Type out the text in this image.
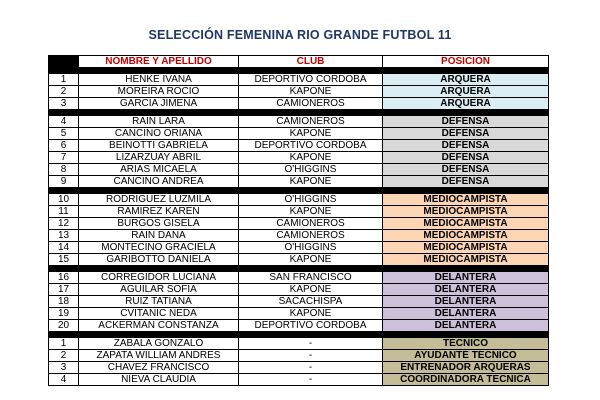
SELECCIÓN FEMENINA RIO GRANDE FUTBOL 11
	NOMBRE Y APELLIDO	CLUB	POSICION

1	HENKE IVANA	DEPORTIVO CORDOBA	ARQUERA
2	MOREIRA ROCIO	KAPONE	ARQUERA
3	GARCIA JIMENA	CAMIONEROS	ARQUERA

4	RAIN LARA	CAMIONEROS	DEFENSA
5	CANCINO ORIANA	KAPONE	DEFENSA
6	BEINOTTI GABRIELA	DEPORTIVO CORDOBA	DEFENSA
7	LIZARZUAY ABRIL	KAPONE	DEFENSA
8	ARIAS MICAELA	O'HIGGINS	DEFENSA
9	CANCINO ANDREA	KAPONE	DEFENSA

10	RODRIGUEZ LUZMILA	O'HIGGINS	MEDIOCAMPISTA
11	RAMIREZ KAREN	KAPONE	MEDIOCAMPISTA
12	BURGOS GISELA	CAMIONEROS	MEDIOCAMPISTA
13	RAIN DANA	CAMIONEROS	MEDIOCAMPISTA
14	MONTECINO GRACIELA	O'HIGGINS	MEDIOCAMPISTA
15	GARIBOTTO DANIELA	KAPONE	MEDIOCAMPISTA

16	CORREGIDOR LUCIANA	SAN FRANCISCO	DELANTERA
17	AGUILAR SOFIA	KAPONE	DELANTERA
18	RUIZ TATIANA	SACACHISPA	DELANTERA
19	CVITANIC NEDA	KAPONE	DELANTERA
20	ACKERMAN CONSTANZA	DEPORTIVO CORDOBA	DELANTERA

1	ZABALA GONZALO	-	TECNICO
2	ZAPATA WILLIAM ANDRES	-	AYUDANTE TECNICO
3	CHAVEZ FRANCISCO	-	ENTRENADOR ARQUERAS
4	NIEVA CLAUDIA	-	COORDINADORA TECNICA
